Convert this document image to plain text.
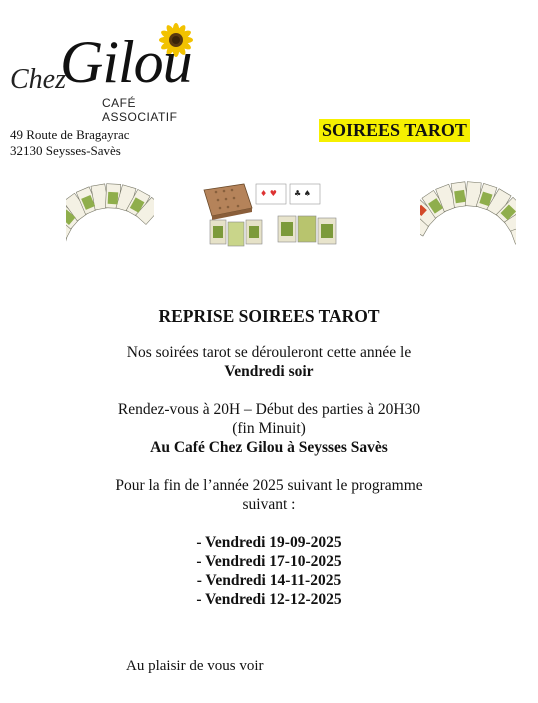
Chez
Gilou
CAFÉ ASSOCIATIF
49 Route de Bragayrac
32130 Seysses-Savès
SOIREES TAROT
♦ ♥ ♣ ♠

REPRISE SOIREES TAROT

Nos soirées tarot se dérouleront cette année le

Vendredi soir

Rendez-vous à 20H – Début des parties à 20H30

(fin Minuit)

Au Café Chez Gilou à Seysses Savès

Pour la fin de l’année 2025 suivant le programme

suivant :

- Vendredi 19-09-2025

- Vendredi 17-10-2025

- Vendredi 14-11-2025

- Vendredi 12-12-2025

Au plaisir de vous voir
